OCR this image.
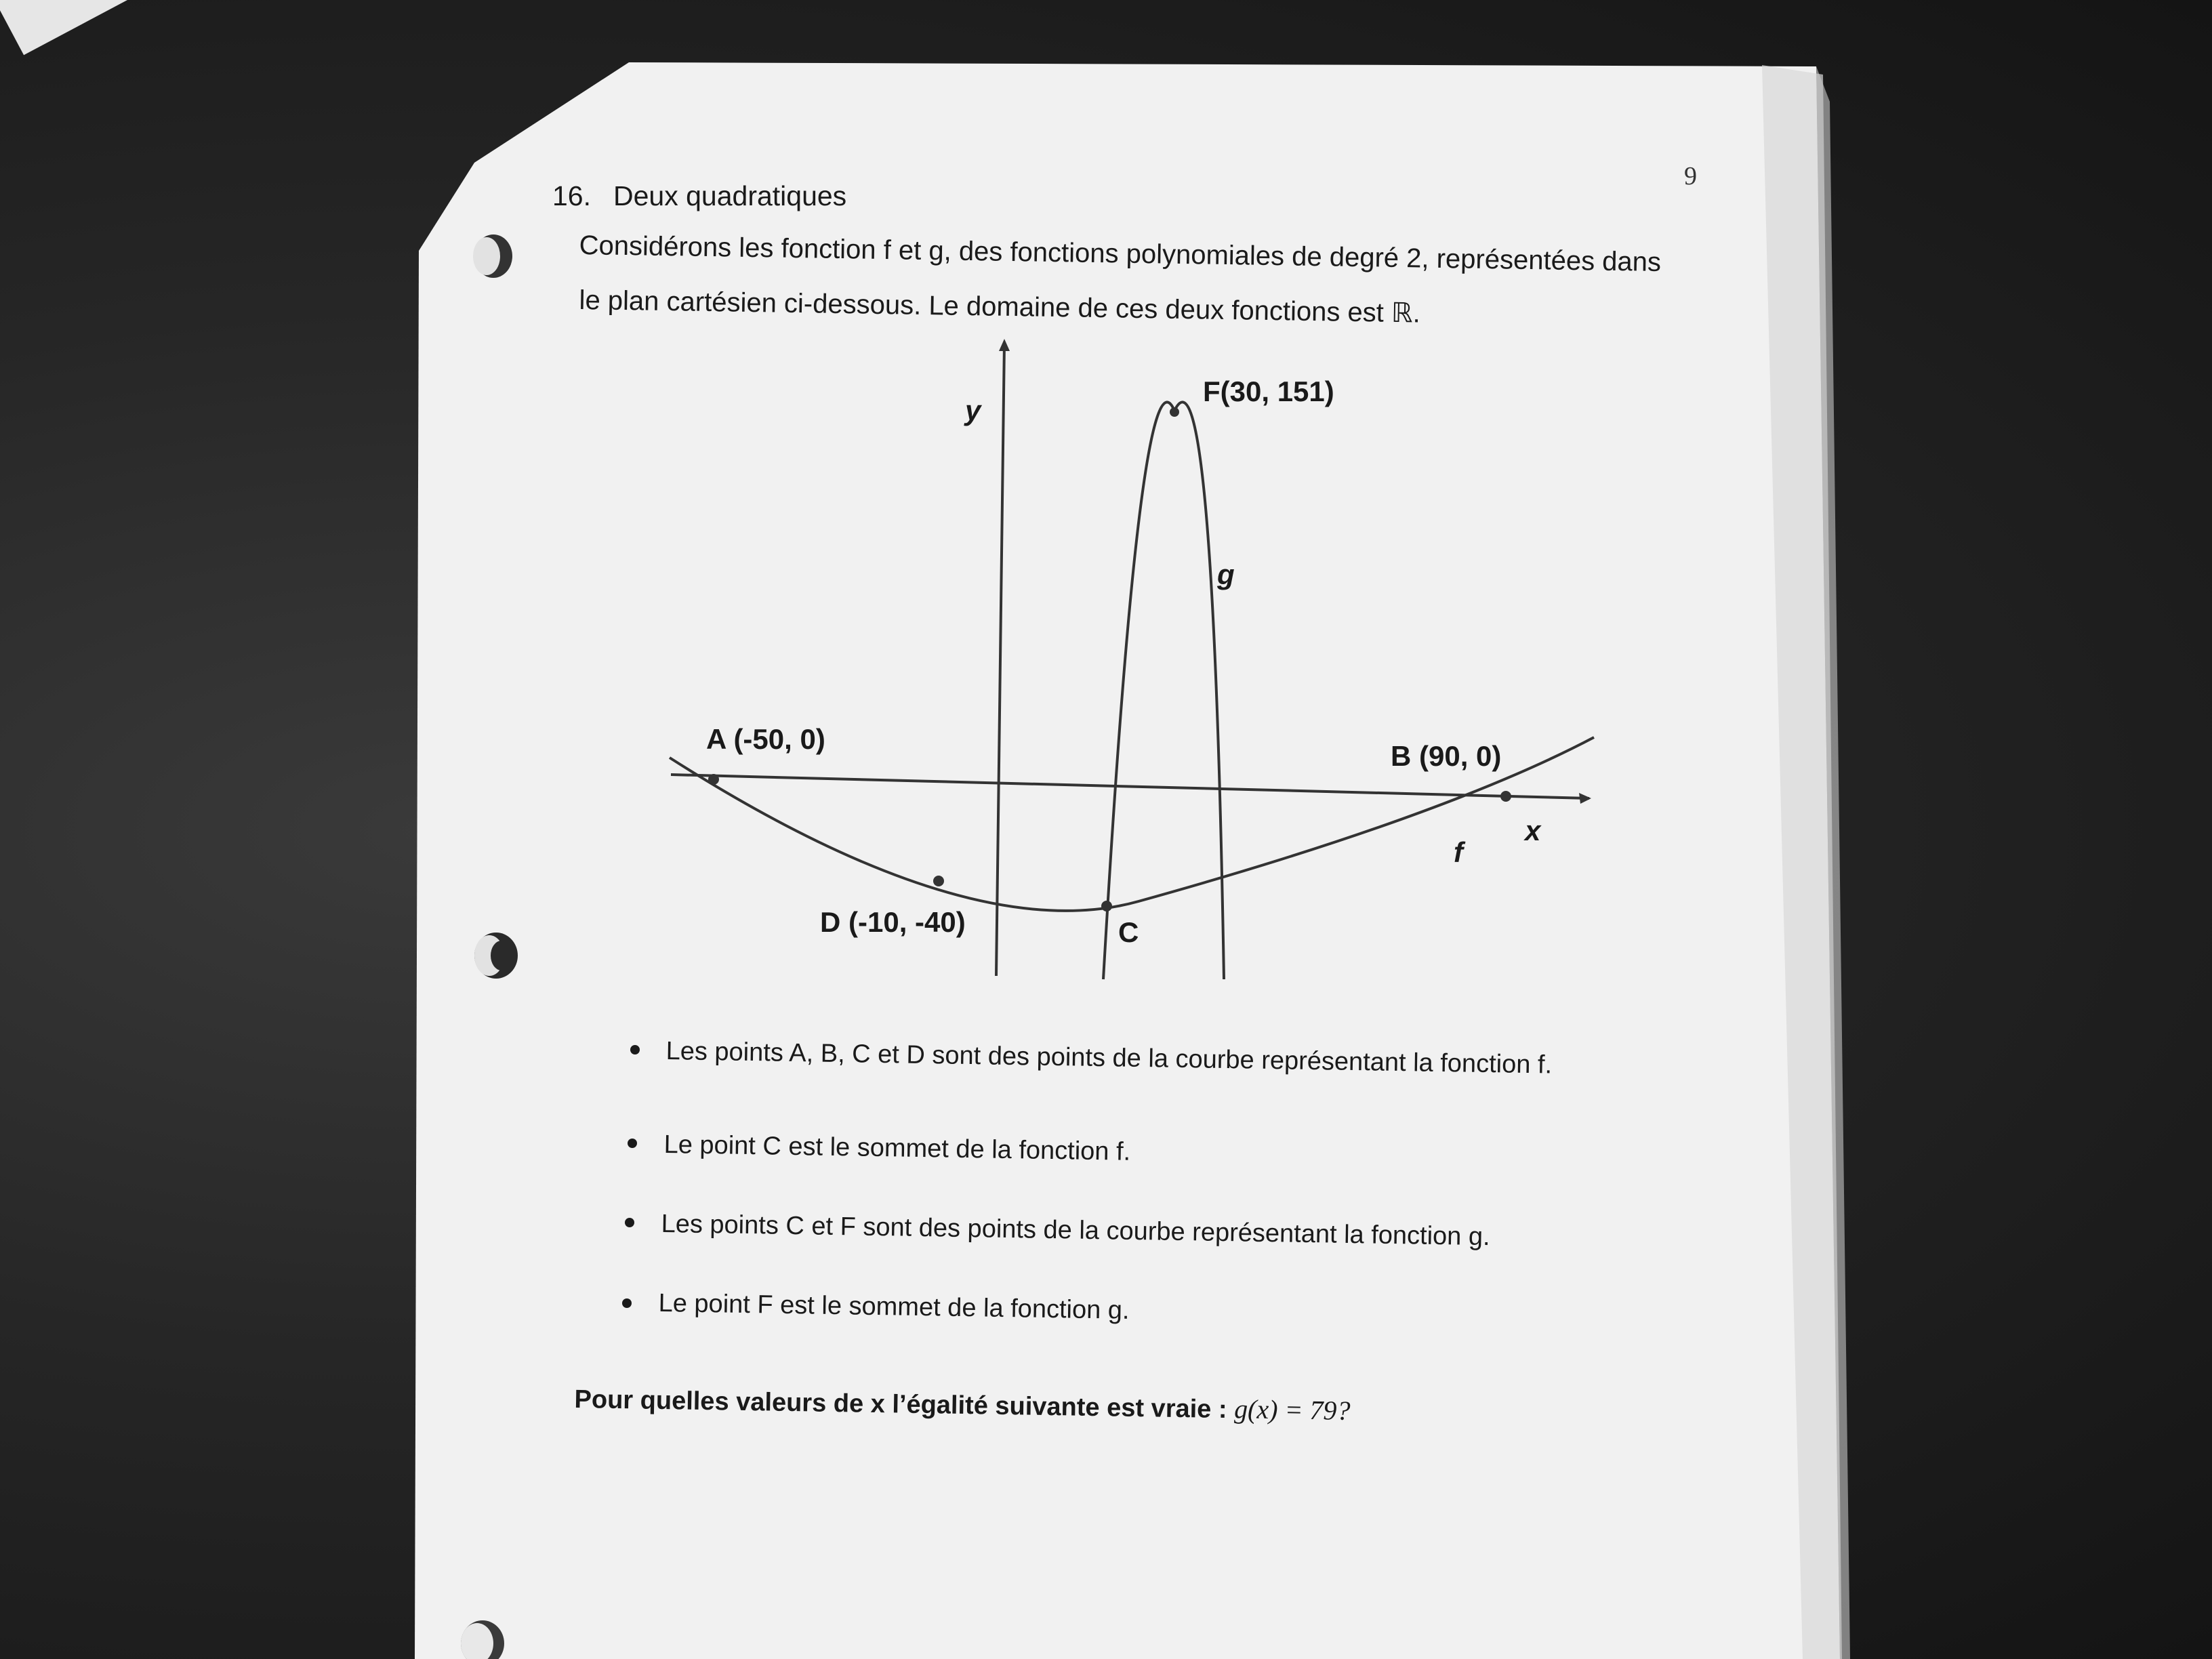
9
16. Deux quadratiques
Considérons les fonction f et g, des fonctions polynomiales de degré 2, représentées dans
le plan cartésien ci-dessous. Le domaine de ces deux fonctions est ℝ.
F(30, 151)
A (-50, 0)
B (90, 0)
D (-10, -40)	C
y
g
x
f
Les points A, B, C et D sont des points de la courbe représentant la fonction f.
Le point C est le sommet de la fonction f.
Les points C et F sont des points de la courbe représentant la fonction g.
Le point F est le sommet de la fonction g.
Pour quelles valeurs de x l’égalité suivante est vraie : g(x) = 79?
